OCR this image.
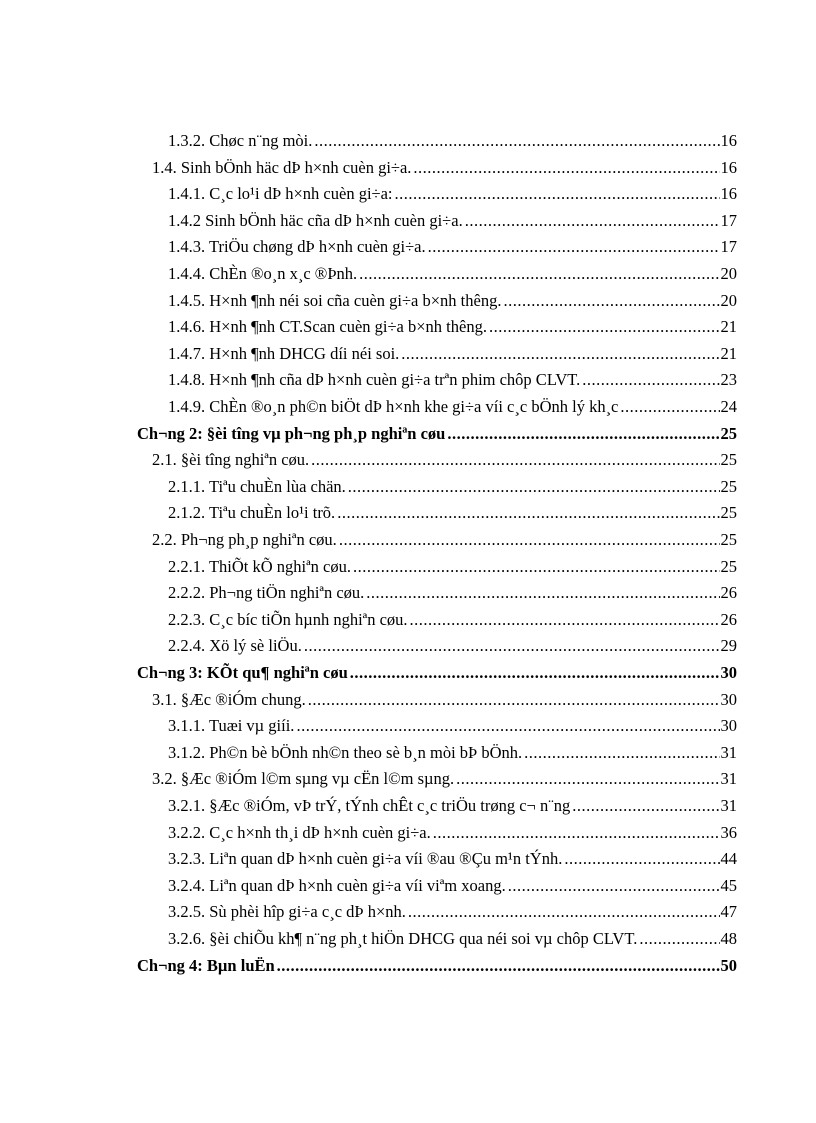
1.3.2. Chøc n¨ng mòi. .....	16
1.4. Sinh bÖnh häc dÞ h×nh cuèn gi÷a. .....	16
1.4.1. C¸c lo¹i dÞ h×nh cuèn gi÷a: .....	16
1.4.2 Sinh bÖnh häc cña dÞ h×nh cuèn gi÷a. .....	17
1.4.3. TriÖu chøng dÞ h×nh cuèn gi÷a. .....	17
1.4.4. ChÈn ®o¸n x¸c ®Þnh. .....	20
1.4.5. H×nh ¶nh néi soi cña cuèn gi÷a b×nh thêng. .....	20
1.4.6. H×nh ¶nh CT.Scan cuèn gi÷a b×nh thêng. .....	21
1.4.7. H×nh ¶nh DHCG díi néi soi. .....	21
1.4.8. H×nh ¶nh cña dÞ h×nh cuèn gi÷a trªn phim chôp CLVT. .....	23
1.4.9. ChÈn ®o¸n ph©n biÖt dÞ h×nh khe gi÷a víi c¸c bÖnh lý kh¸c .....	24
Ch¬ng 2: §èi tîng vµ ph¬ng ph¸p nghiªn cøu .....	25
2.1. §èi tîng nghiªn cøu. .....	25
2.1.1. Tiªu chuÈn lùa chän. .....	25
2.1.2. Tiªu chuÈn lo¹i trõ. .....	25
2.2. Ph¬ng ph¸p nghiªn cøu. .....	25
2.2.1. ThiÕt kÕ nghiªn cøu. .....	25
2.2.2. Ph¬ng tiÖn nghiªn cøu. .....	26
2.2.3. C¸c bíc tiÕn hµnh nghiªn cøu. .....	26
2.2.4. Xö lý sè liÖu. .....	29
Ch¬ng 3: KÕt qu¶ nghiªn cøu .....	30
3.1. §Æc ®iÓm chung. .....	30
3.1.1. Tuæi vµ giíi. .....	30
3.1.2. Ph©n bè bÖnh nh©n theo sè b¸n mòi bÞ bÖnh. .....	31
3.2. §Æc ®iÓm l©m sµng vµ cËn l©m sµng. .....	31
3.2.1. §Æc ®iÓm, vÞ trÝ, tÝnh chÊt c¸c triÖu trøng c¬ n¨ng .....	31
3.2.2. C¸c h×nh th¸i dÞ h×nh cuèn gi÷a. .....	36
3.2.3. Liªn quan dÞ h×nh cuèn gi÷a víi ®au ®Çu m¹n tÝnh. .....	44
3.2.4. Liªn quan dÞ h×nh cuèn gi÷a víi viªm xoang. .....	45
3.2.5. Sù phèi hîp gi÷a c¸c dÞ h×nh. .....	47
3.2.6. §èi chiÕu kh¶ n¨ng ph¸t hiÖn DHCG qua néi soi vµ chôp CLVT. .....	48
Ch¬ng 4: Bµn luËn .....	50
